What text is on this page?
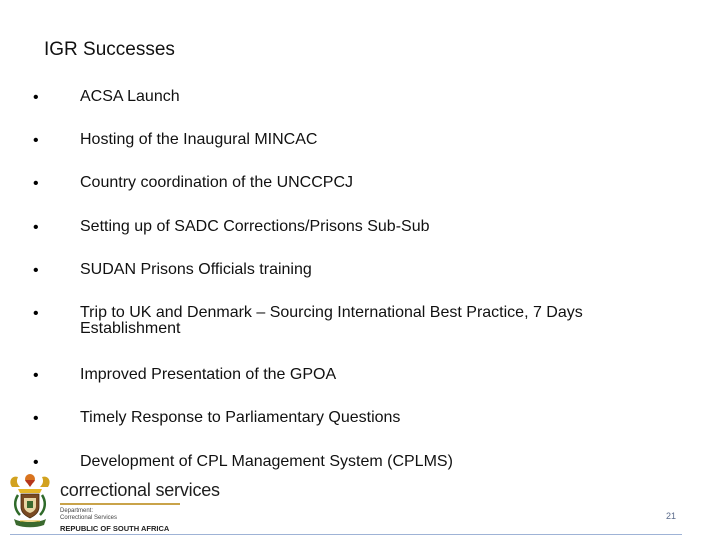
IGR Successes
•	ACSA Launch
•	Hosting of the Inaugural MINCAC
•	Country coordination of the UNCCPCJ
•	Setting up of SADC Corrections/Prisons Sub-Sub
•	SUDAN Prisons Officials training
•	Trip to UK and Denmark – Sourcing International Best Practice, 7 Days Establishment
•	Improved Presentation of the GPOA
•	Timely Response to Parliamentary Questions
•	Development of CPL Management System (CPLMS)
correctional services
Department:
Correctional Services
REPUBLIC OF SOUTH AFRICA
21
